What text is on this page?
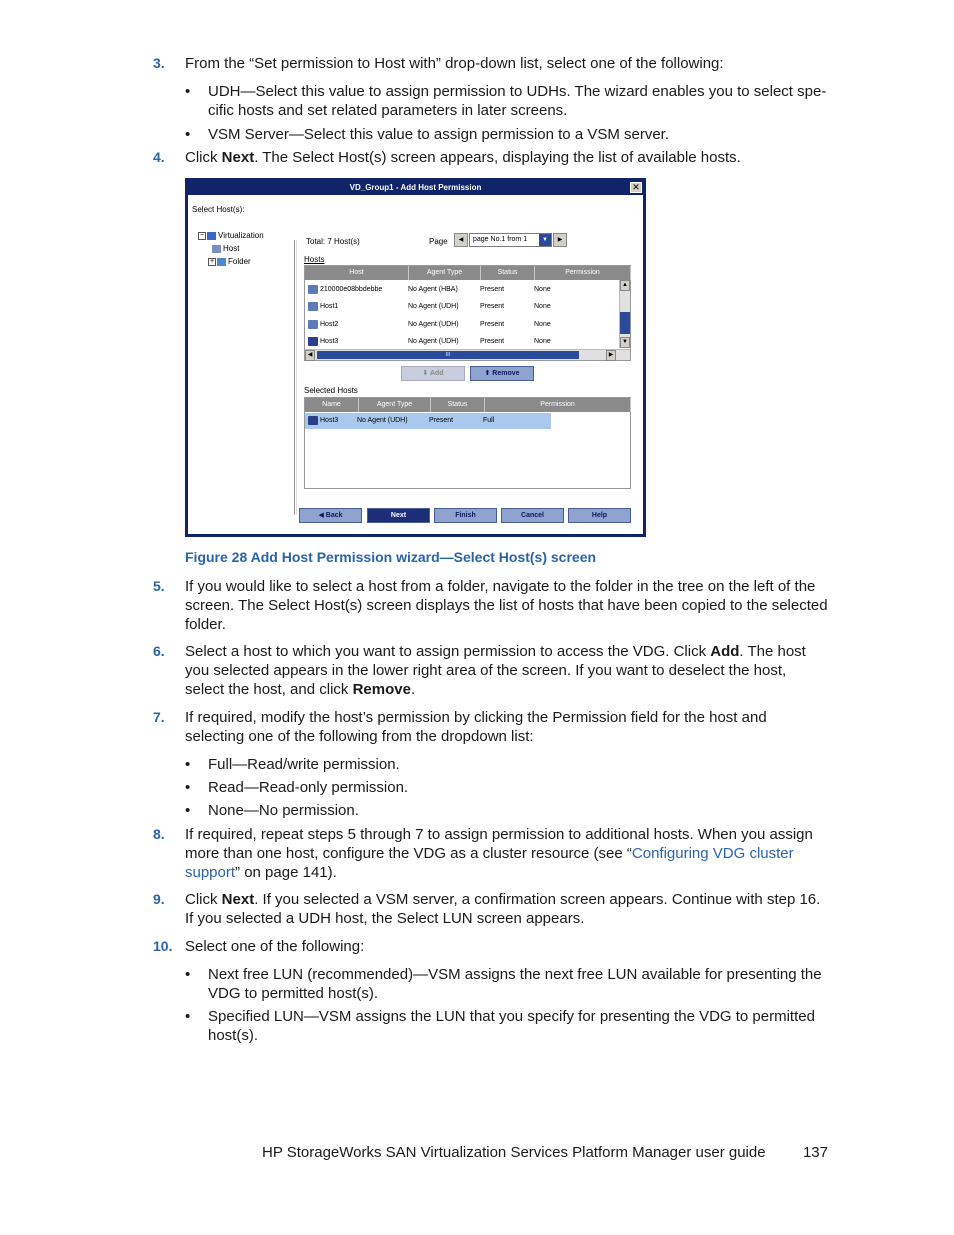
3. From the “Set permission to Host with” drop-down list, select one of the following:
• UDH—Select this value to assign permission to UDHs. The wizard enables you to select spe-cific hosts and set related parameters in later screens.
• VSM Server—Select this value to assign permission to a VSM server.
4. Click Next. The Select Host(s) screen appears, displaying the list of available hosts.
VD_Group1 - Add Host Permission	✕
Select Host(s):
− Virtualization
Host
+ Folder
Total: 7 Host(s)	Page	◀	page No.1 from 1	▼	▶
Hosts
Host	Agent Type	Status	Permission
210000e08bbdebbe	No Agent (HBA)	Present	None
Host1	No Agent (UDH)	Present	None
Host2	No Agent (UDH)	Present	None
Host3	No Agent (UDH)	Present	None
▲
▼
◀	III	▶
⬇ Add	⬆ Remove
Selected Hosts
Name	Agent Type	Status	Permission
Host3	No Agent (UDH)	Present	Full
◀ Back	Next	Finish	Cancel	Help
Figure 28 Add Host Permission wizard—Select Host(s) screen
5. If you would like to select a host from a folder, navigate to the folder in the tree on the left of the screen. The Select Host(s) screen displays the list of hosts that have been copied to the selected folder.
6. Select a host to which you want to assign permission to access the VDG. Click Add. The host you selected appears in the lower right area of the screen. If you want to deselect the host, select the host, and click Remove.
7. If required, modify the host’s permission by clicking the Permission field for the host and selecting one of the following from the dropdown list:
• Full—Read/write permission.
• Read—Read-only permission.
• None—No permission.
8. If required, repeat steps 5 through 7 to assign permission to additional hosts. When you assign more than one host, configure the VDG as a cluster resource (see “Configuring VDG cluster support” on page 141).
9. Click Next. If you selected a VSM server, a confirmation screen appears. Continue with step 16. If you selected a UDH host, the Select LUN screen appears.
10. Select one of the following:
• Next free LUN (recommended)—VSM assigns the next free LUN available for presenting the VDG to permitted host(s).
• Specified LUN—VSM assigns the LUN that you specify for presenting the VDG to permitted host(s).
HP StorageWorks SAN Virtualization Services Platform Manager user guide 137
